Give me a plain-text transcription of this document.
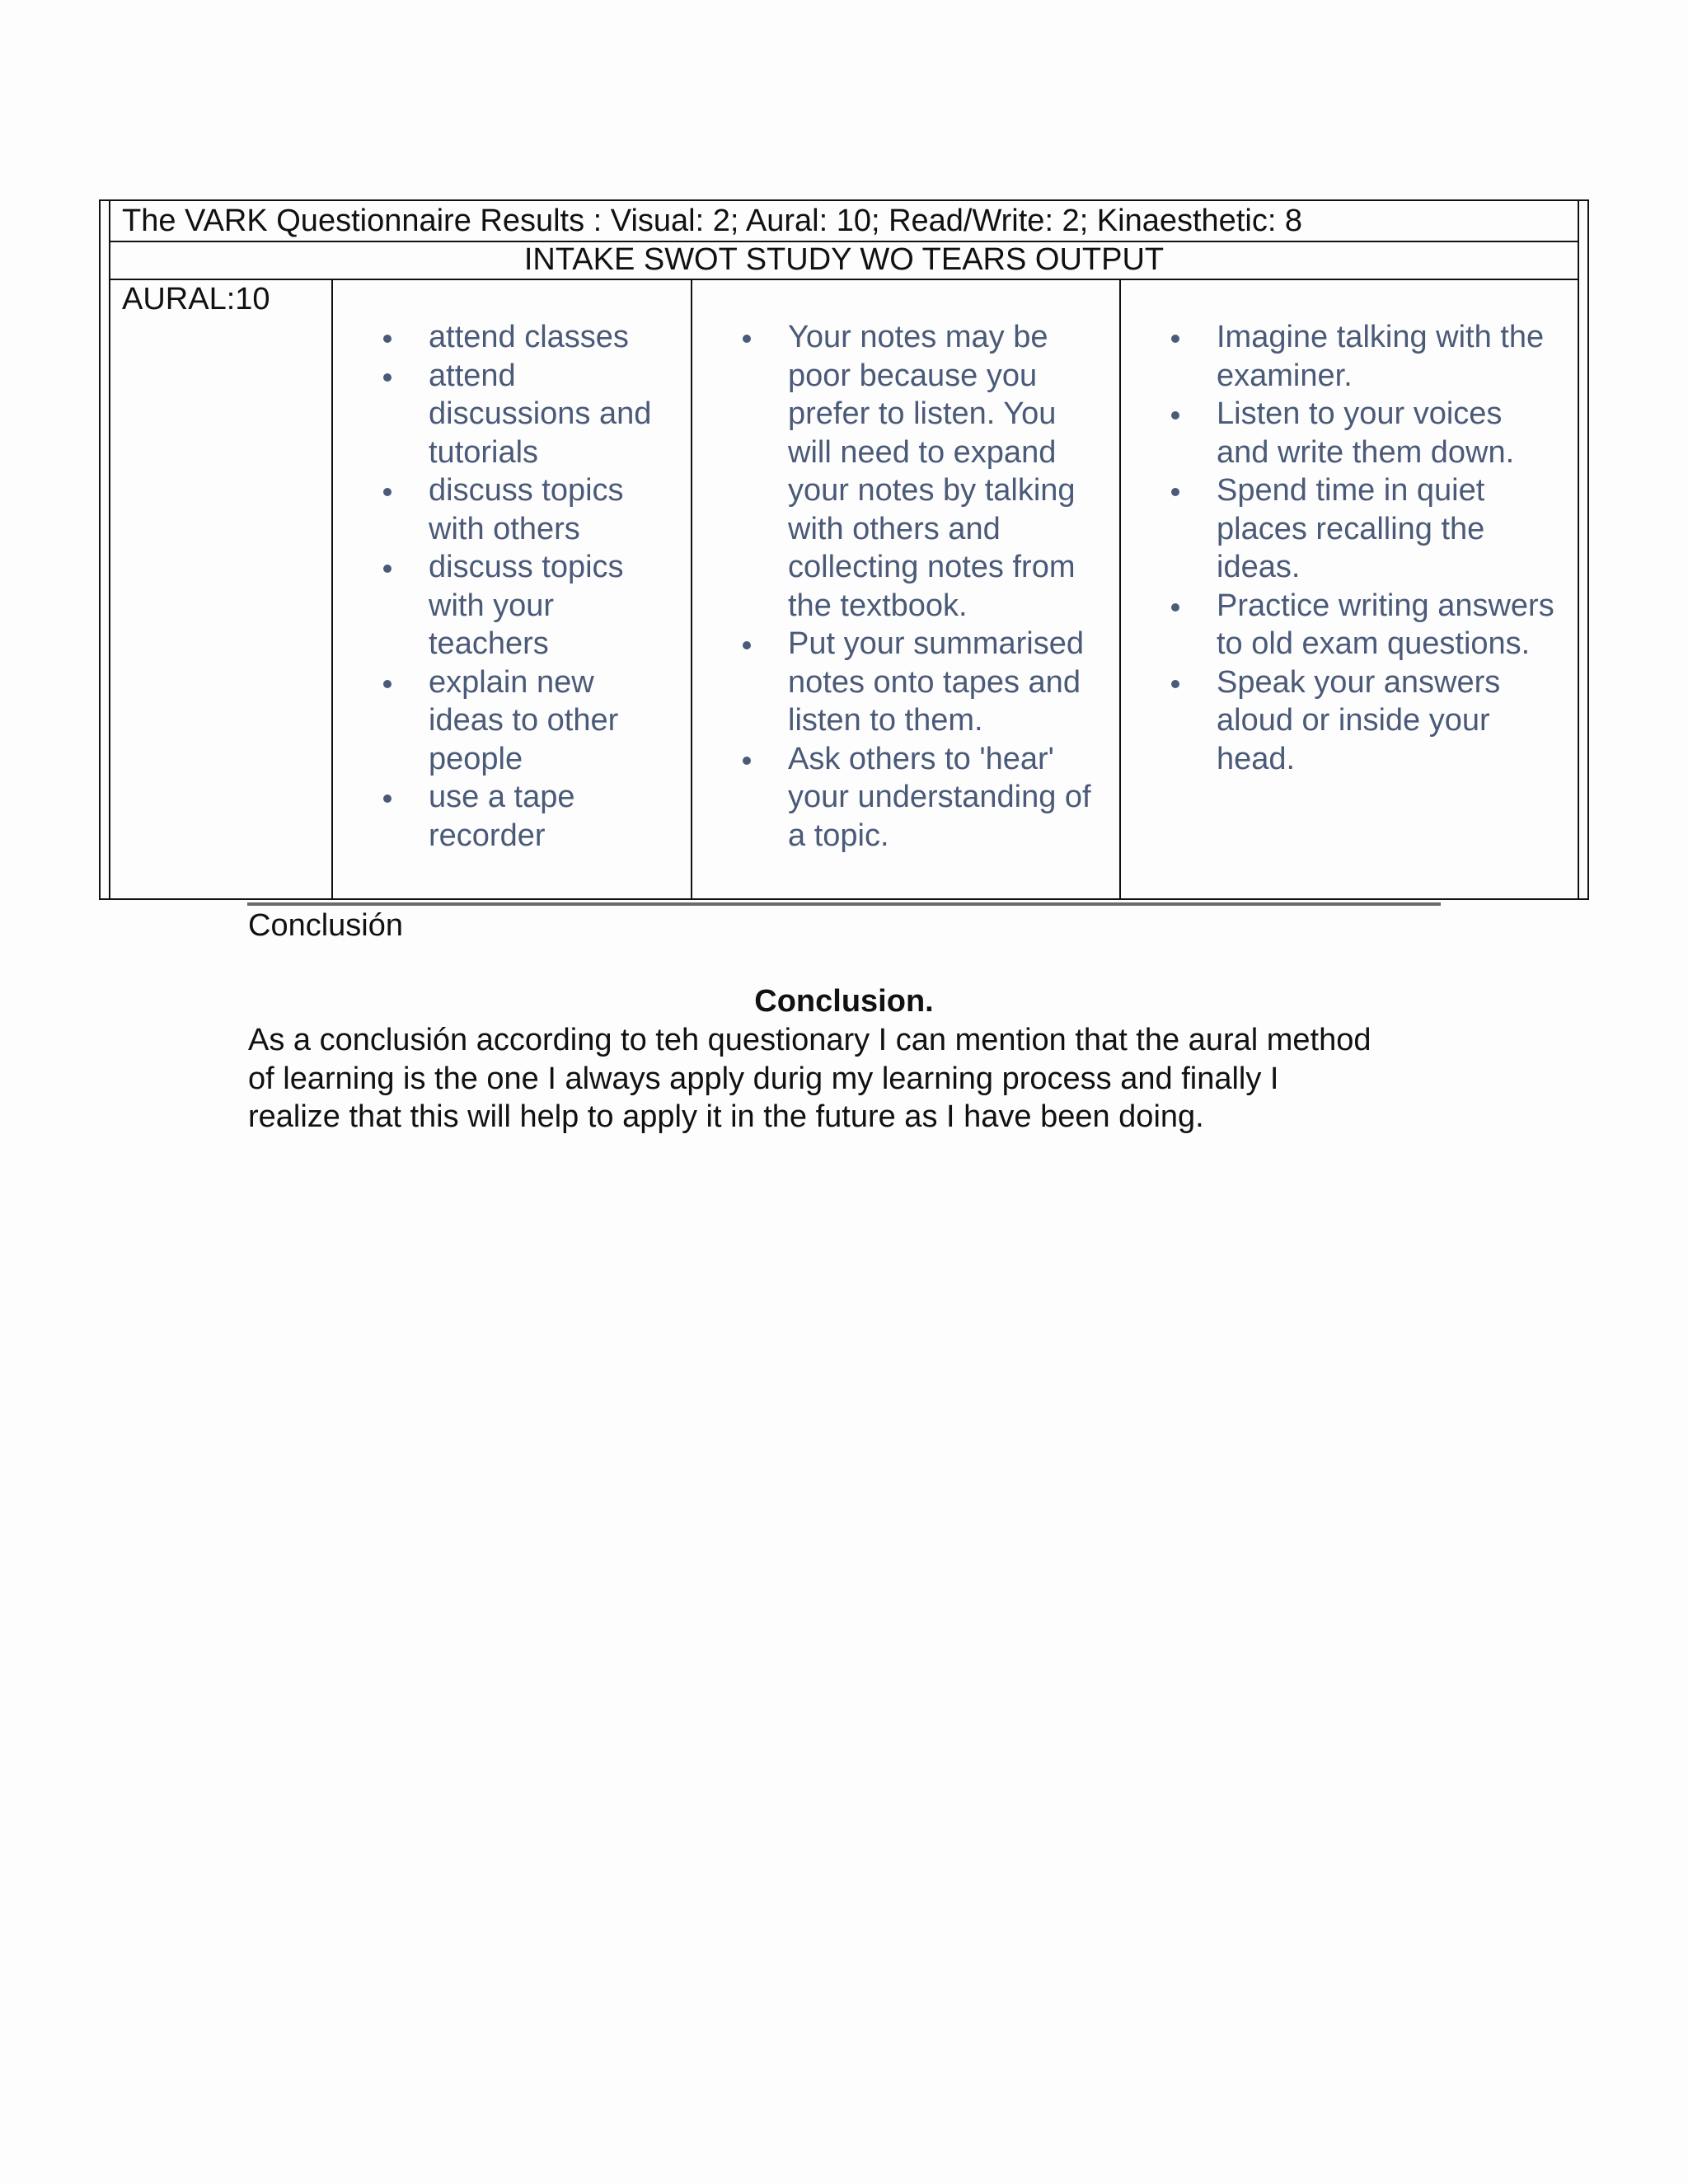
The VARK Questionnaire Results : Visual: 2; Aural: 10; Read/Write: 2; Kinaesthetic: 8
INTAKE SWOT STUDY WO TEARS OUTPUT
AURAL:10
attend classes
attend
discussions and
tutorials
discuss topics
with others
discuss topics
with your
teachers
explain new
ideas to other
people
use a tape
recorder
Your notes may be
poor because you
prefer to listen. You
will need to expand
your notes by talking
with others and
collecting notes from
the textbook.
Put your summarised
notes onto tapes and
listen to them.
Ask others to 'hear'
your understanding of
a topic.
Imagine talking with the
examiner.
Listen to your voices
and write them down.
Spend time in quiet
places recalling the
ideas.
Practice writing answers
to old exam questions.
Speak your answers
aloud or inside your
head.
Conclusión
Conclusion.
As a conclusión according to teh questionary I can mention that the aural method
of learning is the one I always apply durig my learning process and finally I
realize that this will help to apply it in the future as I have been doing.
